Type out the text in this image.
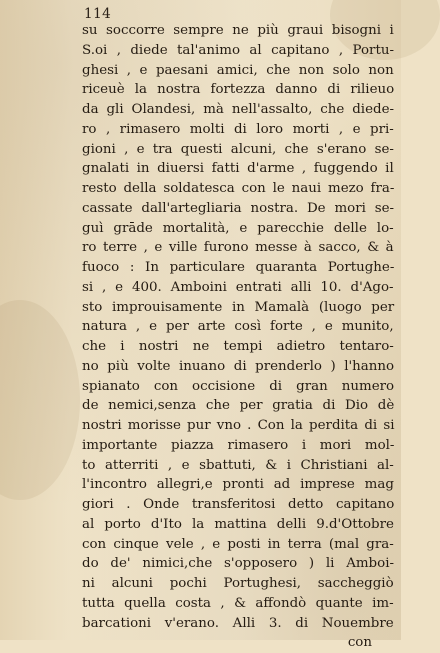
114

su soccorre sempre ne più graui bisogni i
S.oi , diede tal'animo al capitano , Portu-
ghesi , e paesani amici, che non solo non
riceuè la nostra fortezza danno di rilieuo
da gli Olandesi, mà nell'assalto, che diede-
ro , rimasero molti di loro morti , e pri-
gioni , e tra questi alcuni, che s'erano se-
gnalati in diuersi fatti d'arme , fuggendo il
resto della soldatesca con le naui mezo fra-
cassate dall'artegliaria nostra. De mori se-
guì grāde mortalità, e parecchie delle lo-
ro terre , e ville furono messe à sacco, & à
fuoco : In particulare quaranta Portughe-
si , e 400. Amboini entrati alli 10. d'Ago-
sto improuisamente in Mamalà (luogo per
natura , e per arte così forte , e munito,
che i nostri ne tempi adietro tentaro-
no più volte inuano di prenderlo ) l'hanno
spianato con occisione di gran numero
de nemici,senza che per gratia di Dio dè
nostri morisse pur vno . Con la perdita di si
importante piazza rimasero i mori mol-
to atterriti , e sbattuti, & i Christiani al-
l'incontro allegri,e pronti ad imprese mag
giori . Onde transferitosi detto capitano
al porto d'Ito la mattina delli 9.d'Ottobre
con cinque vele , e posti in terra (mal gra-
do de' nimici,che s'opposero ) li Amboi-
ni alcuni pochi Portughesi, saccheggiò
tutta quella costa , & affondò quante im-
barcationi v'erano. Alli 3. di Nouembre
con
